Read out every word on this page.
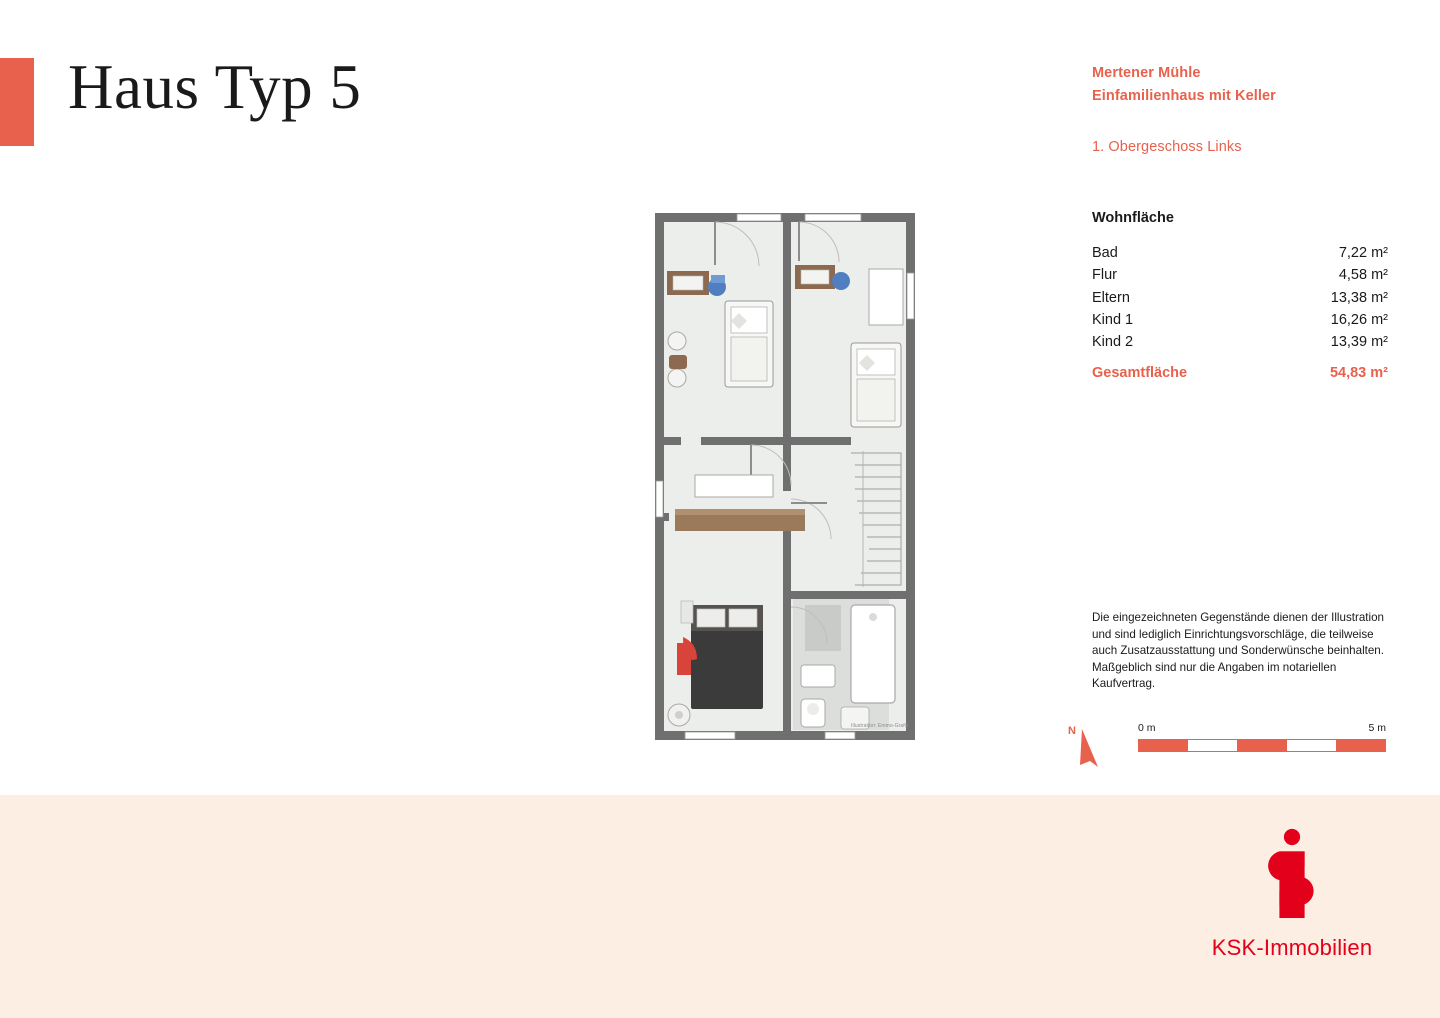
Haus Typ 5	Mertener Mühle
Einfamilienhaus mit Keller
1. Obergeschoss Links
Wohnfläche
Bad	7,22 m²
Flur	4,58 m²
Eltern	13,38 m²
Kind 1	16,26 m²
Kind 2	13,39 m²
Gesamtfläche	54,83 m²
Die eingezeichneten Gegenstände dienen der Illustration und sind lediglich Einrichtungsvorschläge, die teilweise auch Zusatzausstattung und Sonderwünsche beinhalten. Maßgeblich sind nur die Angaben im notariellen Kaufvertrag.
N	0 m	5 m
Illustration: Emmo-Grafik
KSK-Immobilien
